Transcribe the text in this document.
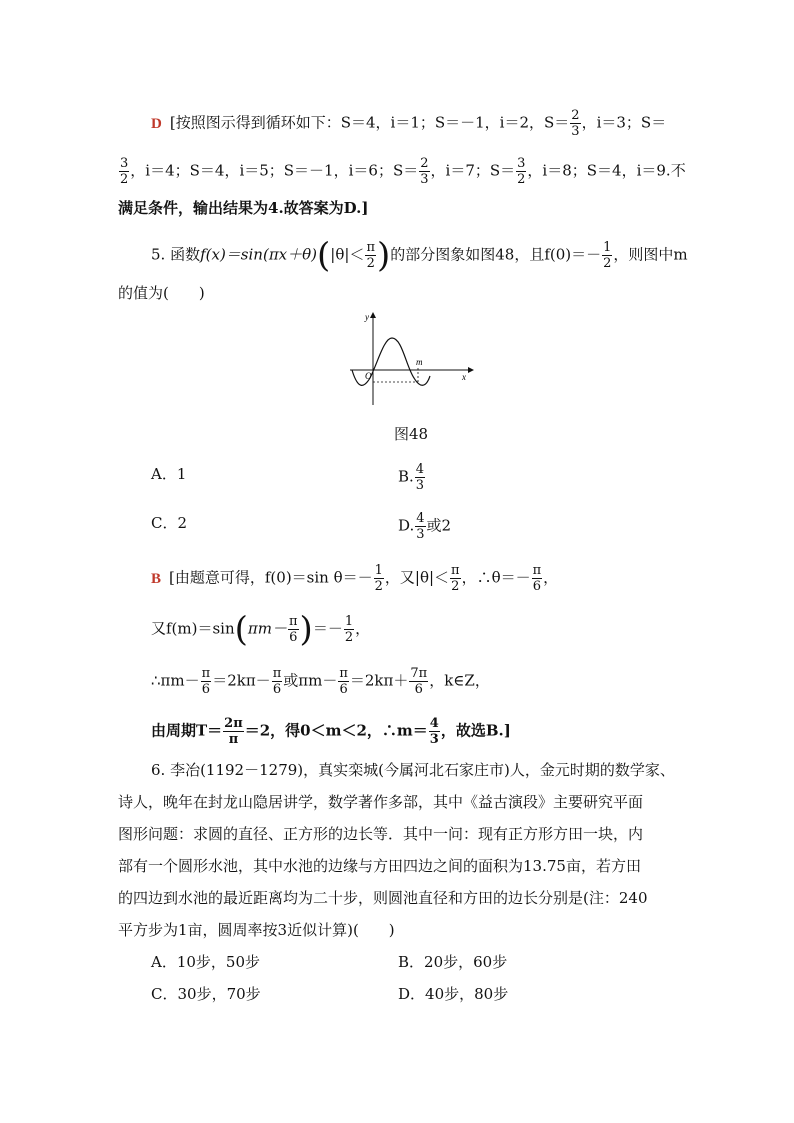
D [按照图示得到循环如下：S＝4，i＝1；S＝－1，i＝2，$S= \frac{2}{3}$ ，i＝3；S＝
$\frac{3}{2}$ ，i＝4；S＝4，i＝5；S＝－1，i＝6；$S= \frac{2}{3}$ ，i＝7；$S= \frac{3}{2}$ ，i＝8；S＝4，i＝9.不
满足条件，输出结果为4.故答案为D.]
5. 函数$f(x)=\sin(\pi x+\theta)(|\theta|< \frac{\pi}{2}$ )的部分图象如图48，且$f(0)=- \frac{1}{2}$ ，则图中m
的值为(　　)
y
x
O
m
图48
A．1	B. $\frac{4}{3}$
C．2	D. $\frac{4}{3}$ 或2
B [由题意可得，f(0)＝sin $\theta=- \frac{1}{2}$ ，又$|\theta|< \frac{\pi}{2}$ ，∴θ＝－ $\frac{\pi}{6}$ ，
又$f(m)=\sin(\pi m- \frac{\pi}{6}$ )＝－ $\frac{1}{2}$ ，
∴πm－ $\frac{\pi}{6} =2k\pi- \frac{\pi}{6}$ 或$\pi m- \frac{\pi}{6} =2k\pi+ \frac{7\pi}{6}$ ，k∈Z，
由周期$T= \frac{2\pi}{\pi} =2$，得0＜m＜2，∴m＝ $\frac{4}{3}$ ，故选B.]
6. 李冶(1192－1279)，真实栾城(今属河北石家庄市)人，金元时期的数学家、
诗人，晚年在封龙山隐居讲学，数学著作多部，其中《益古演段》主要研究平面
图形问题：求圆的直径、正方形的边长等．其中一问：现有正方形方田一块，内
部有一个圆形水池，其中水池的边缘与方田四边之间的面积为13.75亩，若方田
的四边到水池的最近距离均为二十步，则圆池直径和方田的边长分别是(注：240
平方步为1亩，圆周率按3近似计算)(　　)
A．10步，50步	B．20步，60步
C．30步，70步	D．40步，80步
